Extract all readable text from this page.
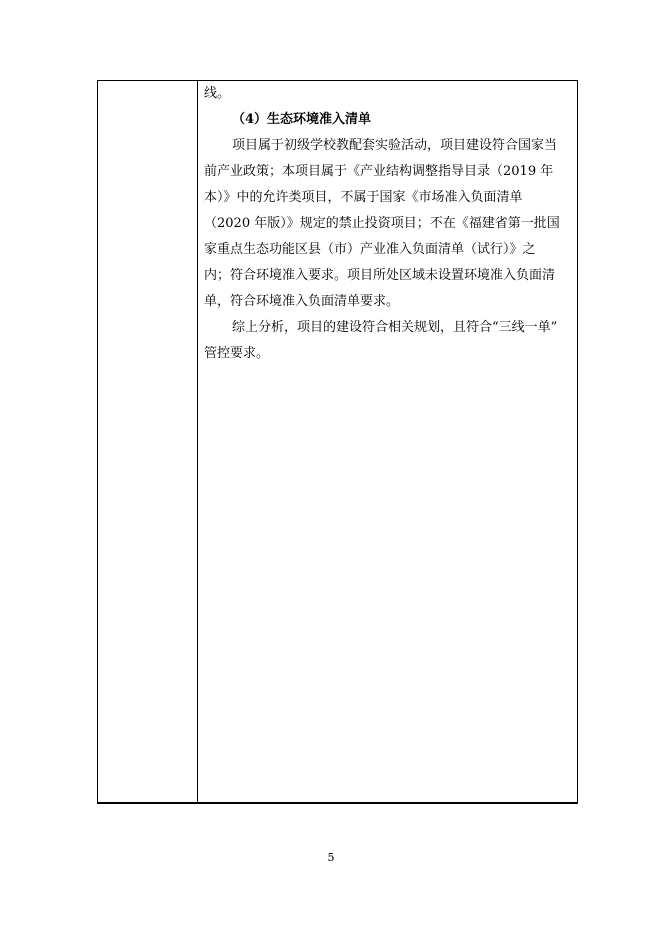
线。

（4）生态环境准入清单

项目属于初级学校教配套实验活动，项目建设符合国家当

前产业政策；本项目属于《产业结构调整指导目录（2019 年

本）》中的允许类项目，不属于国家《市场准入负面清单

（2020 年版）》规定的禁止投资项目；不在《福建省第一批国

家重点生态功能区县（市）产业准入负面清单（试行）》之

内；符合环境准入要求。项目所处区域未设置环境准入负面清

单，符合环境准入负面清单要求。

综上分析，项目的建设符合相关规划，且符合“三线一单”

管控要求。

5
